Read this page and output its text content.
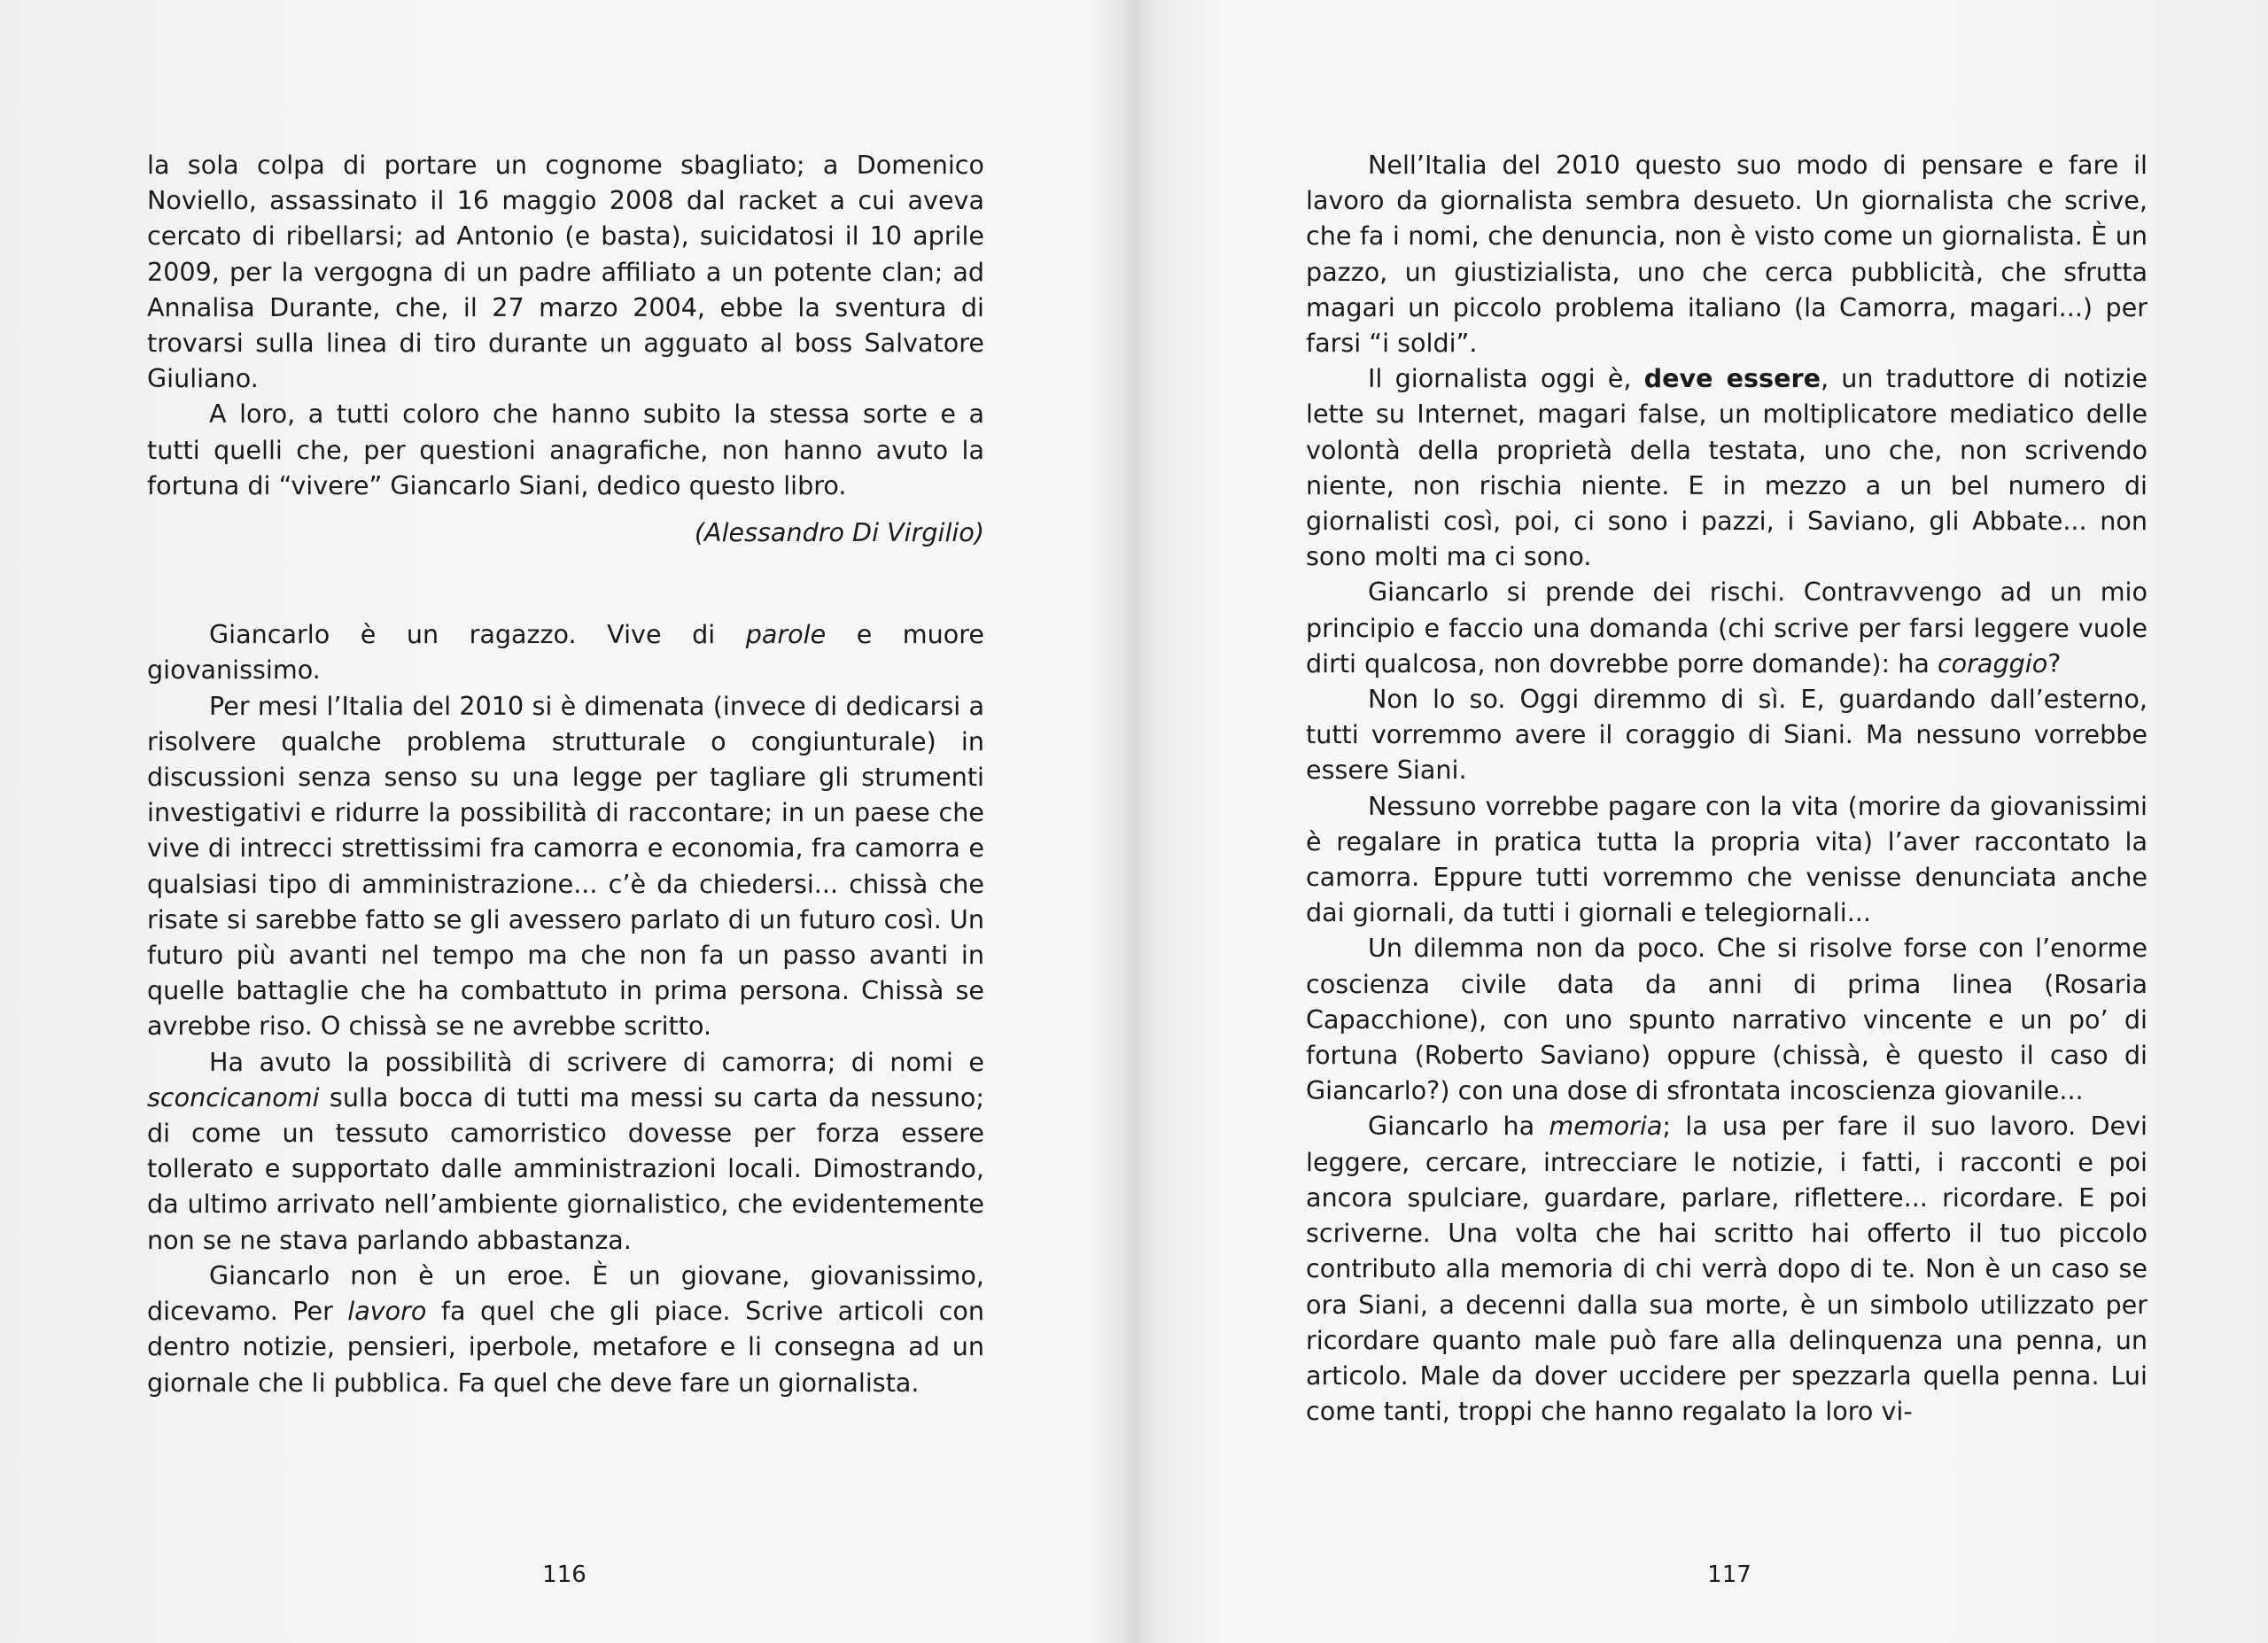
la sola colpa di portare un cognome sbagliato; a Domenico Noviello, assassinato il 16 maggio 2008 dal racket a cui aveva cercato di ribellarsi; ad Antonio (e basta), suicidatosi il 10 aprile 2009, per la vergogna di un padre affiliato a un potente clan; ad Annalisa Durante, che, il 27 marzo 2004, ebbe la sventura di trovarsi sulla linea di tiro durante un agguato al boss Salvatore Giuliano.

A loro, a tutti coloro che hanno subito la stessa sorte e a tutti quelli che, per questioni anagrafiche, non hanno avuto la fortuna di “vivere” Giancarlo Siani, dedico questo libro.

(Alessandro Di Virgilio)

Giancarlo è un ragazzo. Vive di parole e muore giovanissimo.

Per mesi l’Italia del 2010 si è dimenata (invece di dedicarsi a risolvere qualche problema strutturale o congiunturale) in discussioni senza senso su una legge per tagliare gli strumenti investigativi e ridurre la possibilità di raccontare; in un paese che vive di intrecci strettissimi fra camorra e economia, fra camorra e qualsiasi tipo di amministrazione... c’è da chiedersi... chissà che risate si sarebbe fatto se gli avessero parlato di un futuro così. Un futuro più avanti nel tempo ma che non fa un passo avanti in quelle battaglie che ha combattuto in prima persona. Chissà se avrebbe riso. O chissà se ne avrebbe scritto.

Ha avuto la possibilità di scrivere di camorra; di nomi e sconcicanomi sulla bocca di tutti ma messi su carta da nessuno; di come un tessuto camorristico dovesse per forza essere tollerato e supportato dalle amministrazioni locali. Dimostrando, da ultimo arrivato nell’ambiente giornalistico, che evidentemente non se ne stava parlando abbastanza.

Giancarlo non è un eroe. È un giovane, giovanissimo, dicevamo. Per lavoro fa quel che gli piace. Scrive articoli con dentro notizie, pensieri, iperbole, metafore e li consegna ad un giornale che li pubblica. Fa quel che deve fare un giornalista.

116

Nell’Italia del 2010 questo suo modo di pensare e fare il lavoro da giornalista sembra desueto. Un giornalista che scrive, che fa i nomi, che denuncia, non è visto come un giornalista. È un pazzo, un giustizialista, uno che cerca pubblicità, che sfrutta magari un piccolo problema italiano (la Camorra, magari...) per farsi “i soldi”.

Il giornalista oggi è, deve essere, un traduttore di notizie lette su Internet, magari false, un moltiplicatore mediatico delle volontà della proprietà della testata, uno che, non scrivendo niente, non rischia niente. E in mezzo a un bel numero di giornalisti così, poi, ci sono i pazzi, i Saviano, gli Abbate... non sono molti ma ci sono.

Giancarlo si prende dei rischi. Contravvengo ad un mio principio e faccio una domanda (chi scrive per farsi leggere vuole dirti qualcosa, non dovrebbe porre domande): ha coraggio?

Non lo so. Oggi diremmo di sì. E, guardando dall’esterno, tutti vorremmo avere il coraggio di Siani. Ma nessuno vorrebbe essere Siani.

Nessuno vorrebbe pagare con la vita (morire da giovanissimi è regalare in pratica tutta la propria vita) l’aver raccontato la camorra. Eppure tutti vorremmo che venisse denunciata anche dai giornali, da tutti i giornali e telegiornali...

Un dilemma non da poco. Che si risolve forse con l’enorme coscienza civile data da anni di prima linea (Rosaria Capacchione), con uno spunto narrativo vincente e un po’ di fortuna (Roberto Saviano) oppure (chissà, è questo il caso di Giancarlo?) con una dose di sfrontata incoscienza giovanile...

Giancarlo ha memoria; la usa per fare il suo lavoro. Devi leggere, cercare, intrecciare le notizie, i fatti, i racconti e poi ancora spulciare, guardare, parlare, riflettere... ricordare. E poi scriverne. Una volta che hai scritto hai offerto il tuo piccolo contributo alla memoria di chi verrà dopo di te. Non è un caso se ora Siani, a decenni dalla sua morte, è un simbolo utilizzato per ricordare quanto male può fare alla delinquenza una penna, un articolo. Male da dover uccidere per spezzarla quella penna. Lui come tanti, troppi che hanno regalato la loro vi-

117
